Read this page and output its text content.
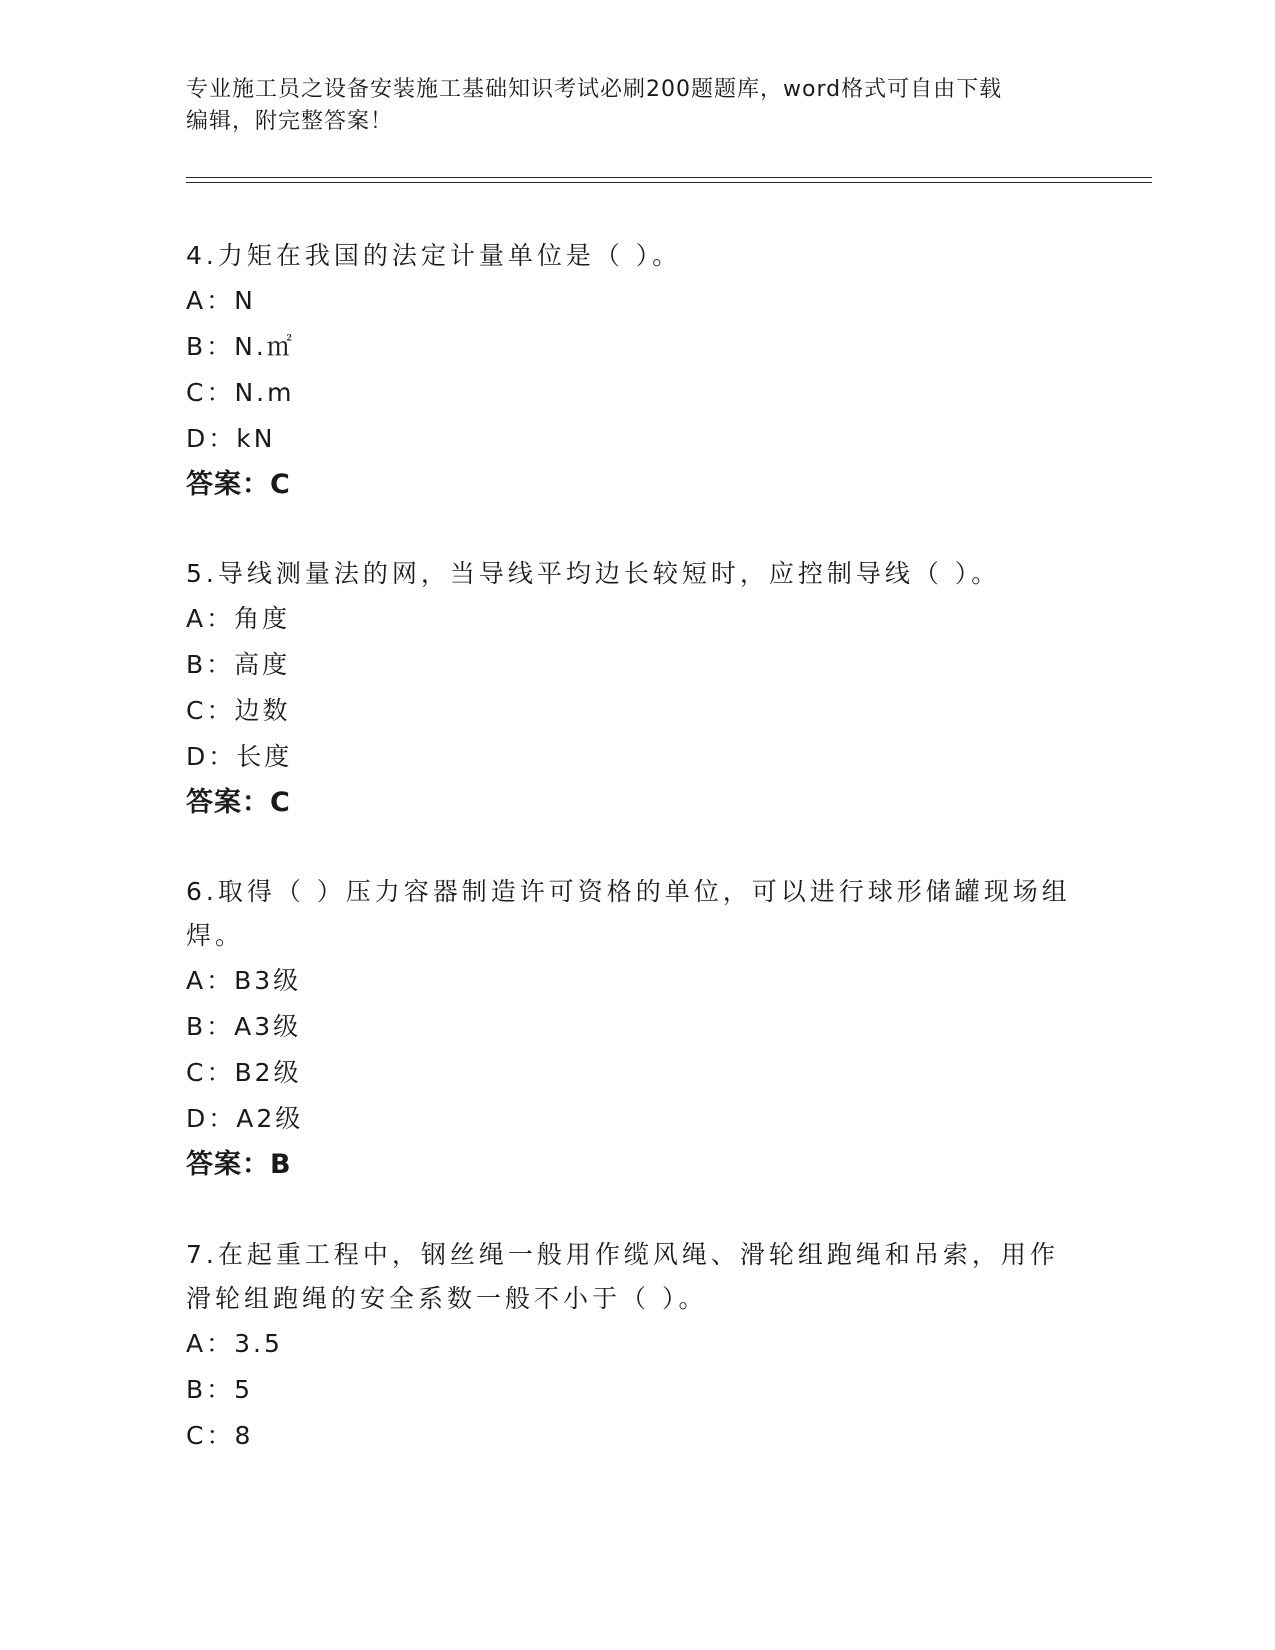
专业施工员之设备安装施工基础知识考试必刷200题题库，word格式可自由下载
编辑，附完整答案！

4.力矩在我国的法定计量单位是（ ）。

A：N

B：N.㎡

C：N.m

D：kN

答案：C

5.导线测量法的网，当导线平均边长较短时，应控制导线（ ）。

A：角度

B：高度

C：边数

D：长度

答案：C

6.取得（ ）压力容器制造许可资格的单位，可以进行球形储罐现场组

焊。

A：B3级

B：A3级

C：B2级

D：A2级

答案：B

7.在起重工程中，钢丝绳一般用作缆风绳、滑轮组跑绳和吊索，用作

滑轮组跑绳的安全系数一般不小于（ ）。

A：3.5

B：5

C：8
